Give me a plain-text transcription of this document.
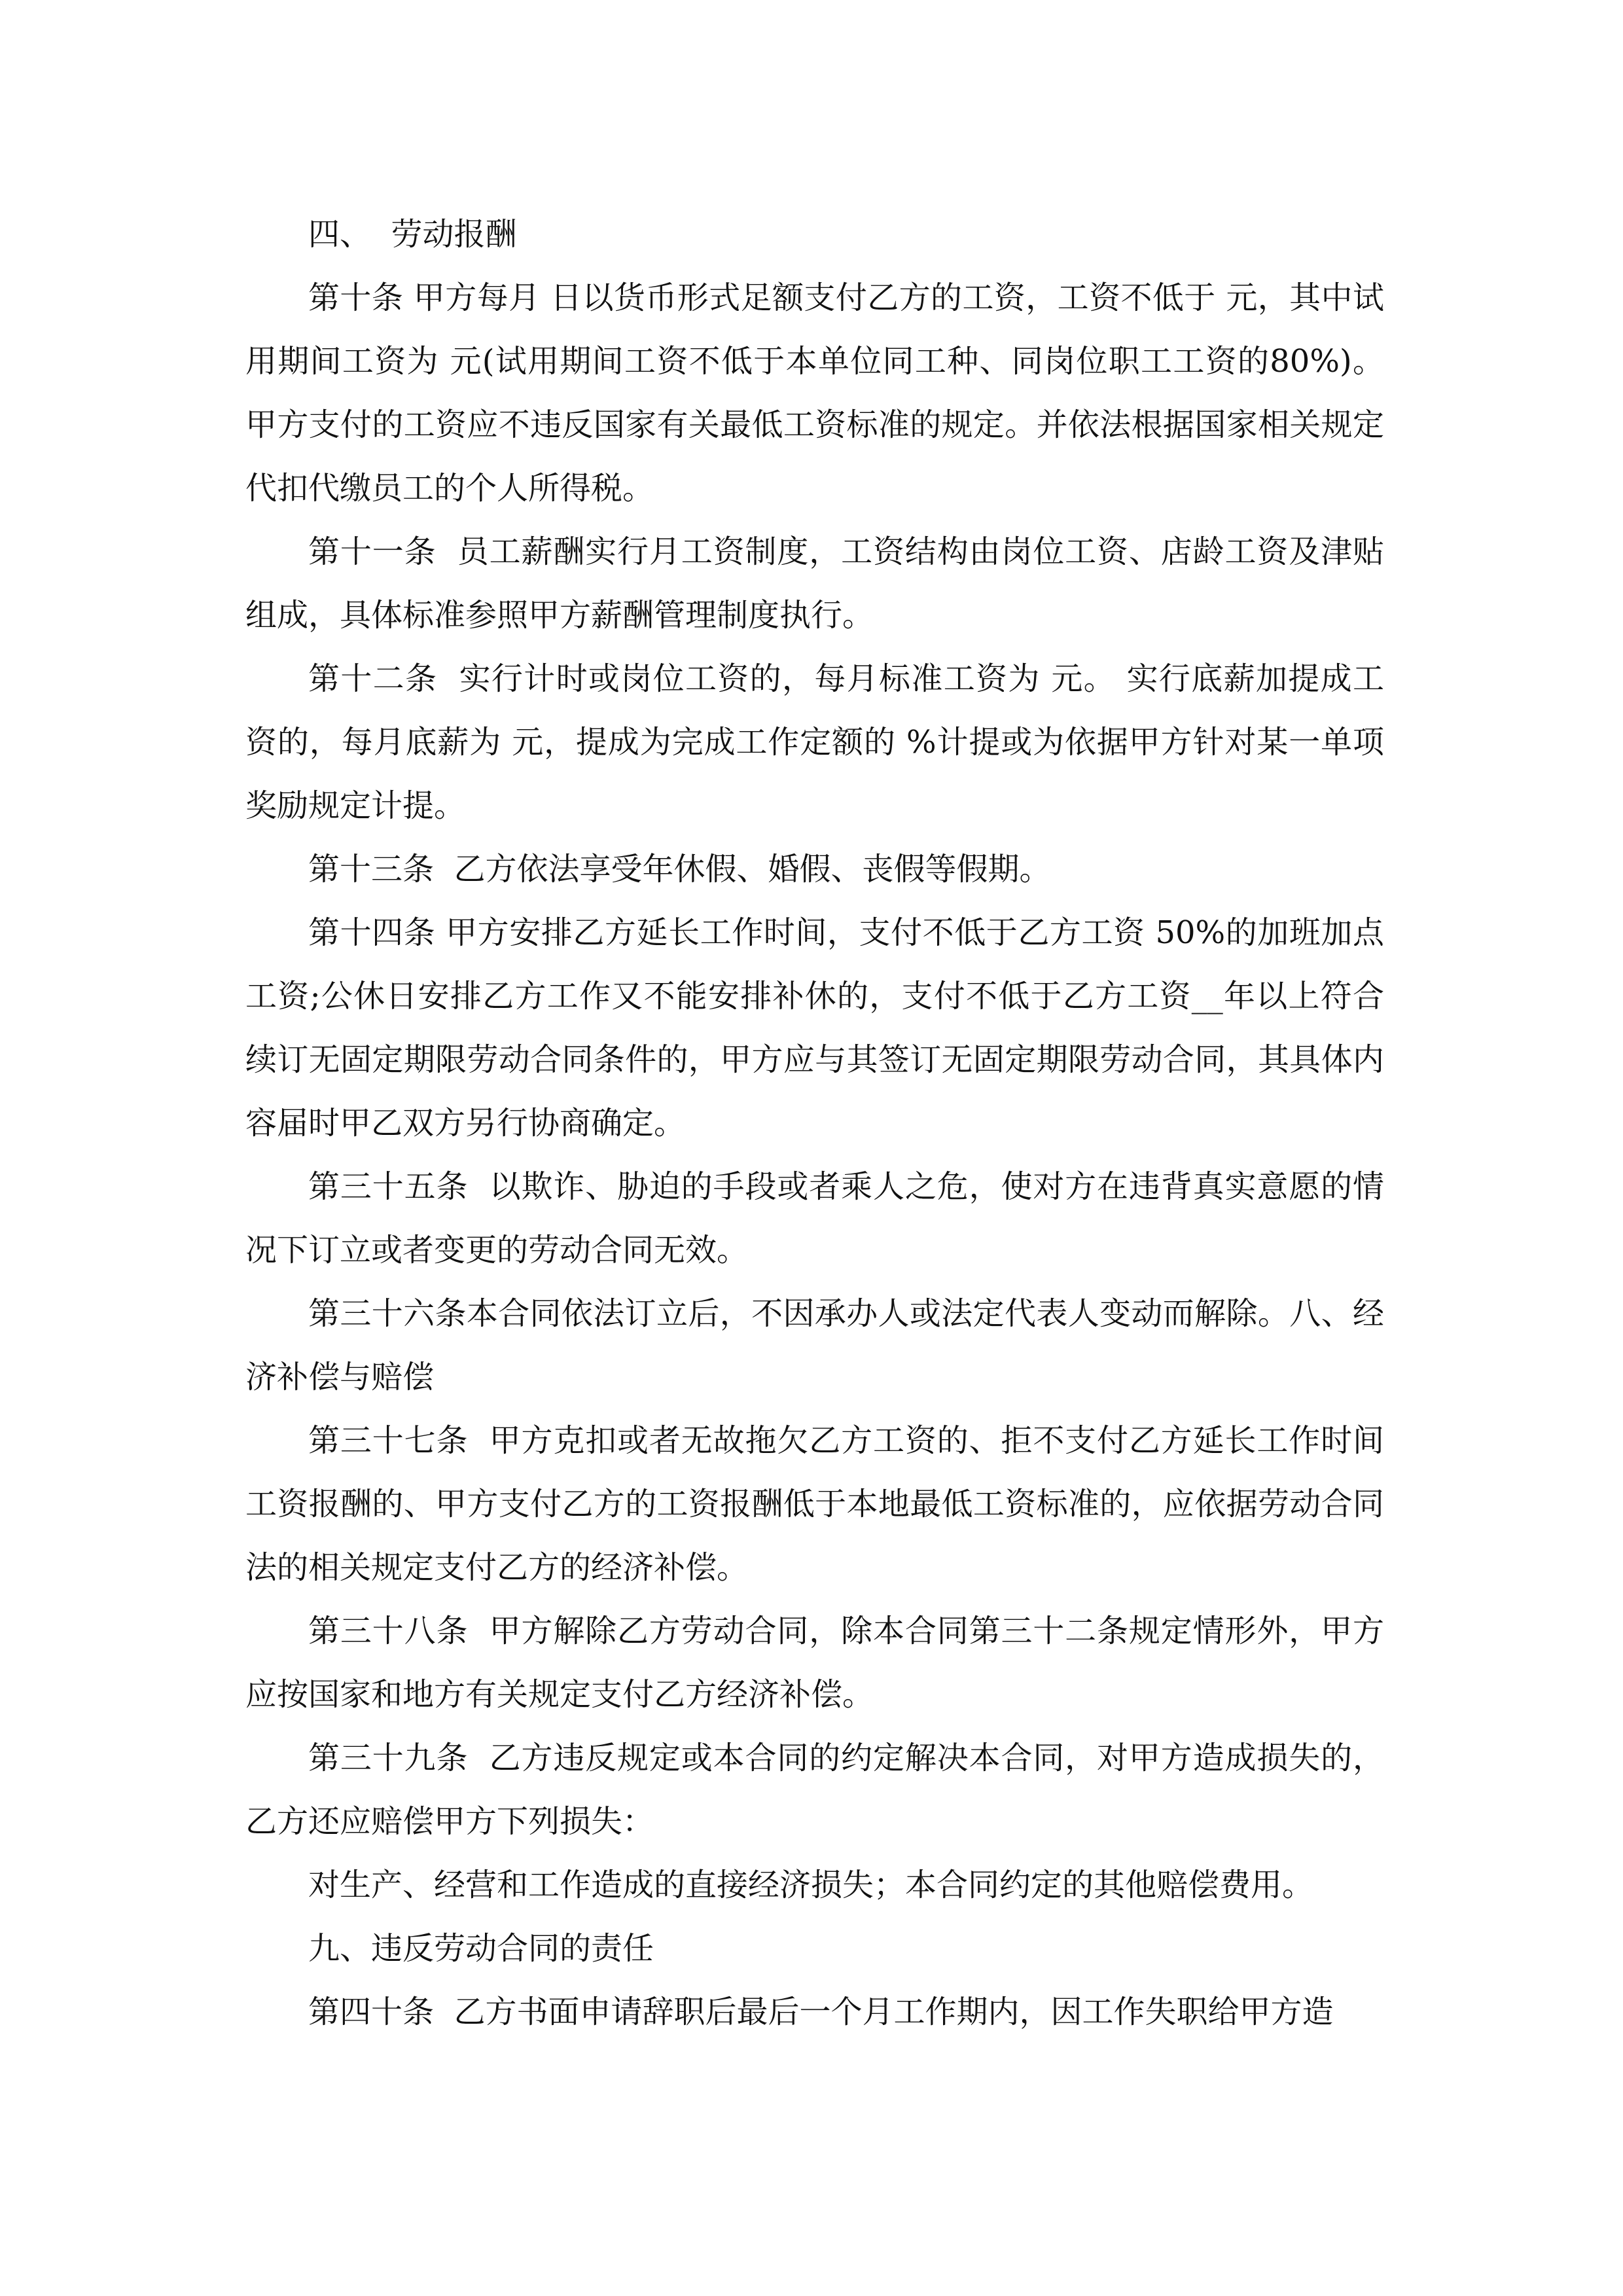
四、  劳动报酬

第十条 甲方每月 日以货币形式足额支付乙方的工资，工资不低于 元，其中试用期间工资为 元(试用期间工资不低于本单位同工种、同岗位职工工资的80%)。甲方支付的工资应不违反国家有关最低工资标准的规定。并依法根据国家相关规定代扣代缴员工的个人所得税。

第十一条  员工薪酬实行月工资制度，工资结构由岗位工资、店龄工资及津贴组成，具体标准参照甲方薪酬管理制度执行。

第十二条  实行计时或岗位工资的，每月标准工资为 元。 实行底薪加提成工资的，每月底薪为 元，提成为完成工作定额的 %计提或为依据甲方针对某一单项奖励规定计提。

第十三条  乙方依法享受年休假、婚假、丧假等假期。

第十四条 甲方安排乙方延长工作时间，支付不低于乙方工资 50%的加班加点工资;公休日安排乙方工作又不能安排补休的，支付不低于乙方工资__年以上符合续订无固定期限劳动合同条件的，甲方应与其签订无固定期限劳动合同，其具体内容届时甲乙双方另行协商确定。

第三十五条  以欺诈、胁迫的手段或者乘人之危，使对方在违背真实意愿的情况下订立或者变更的劳动合同无效。

第三十六条本合同依法订立后，不因承办人或法定代表人变动而解除。八、经济补偿与赔偿

第三十七条  甲方克扣或者无故拖欠乙方工资的、拒不支付乙方延长工作时间工资报酬的、甲方支付乙方的工资报酬低于本地最低工资标准的，应依据劳动合同法的相关规定支付乙方的经济补偿。

第三十八条  甲方解除乙方劳动合同，除本合同第三十二条规定情形外，甲方应按国家和地方有关规定支付乙方经济补偿。

第三十九条  乙方违反规定或本合同的约定解决本合同，对甲方造成损失的，乙方还应赔偿甲方下列损失：

对生产、经营和工作造成的直接经济损失；本合同约定的其他赔偿费用。

九、违反劳动合同的责任

第四十条  乙方书面申请辞职后最后一个月工作期内，因工作失职给甲方造
